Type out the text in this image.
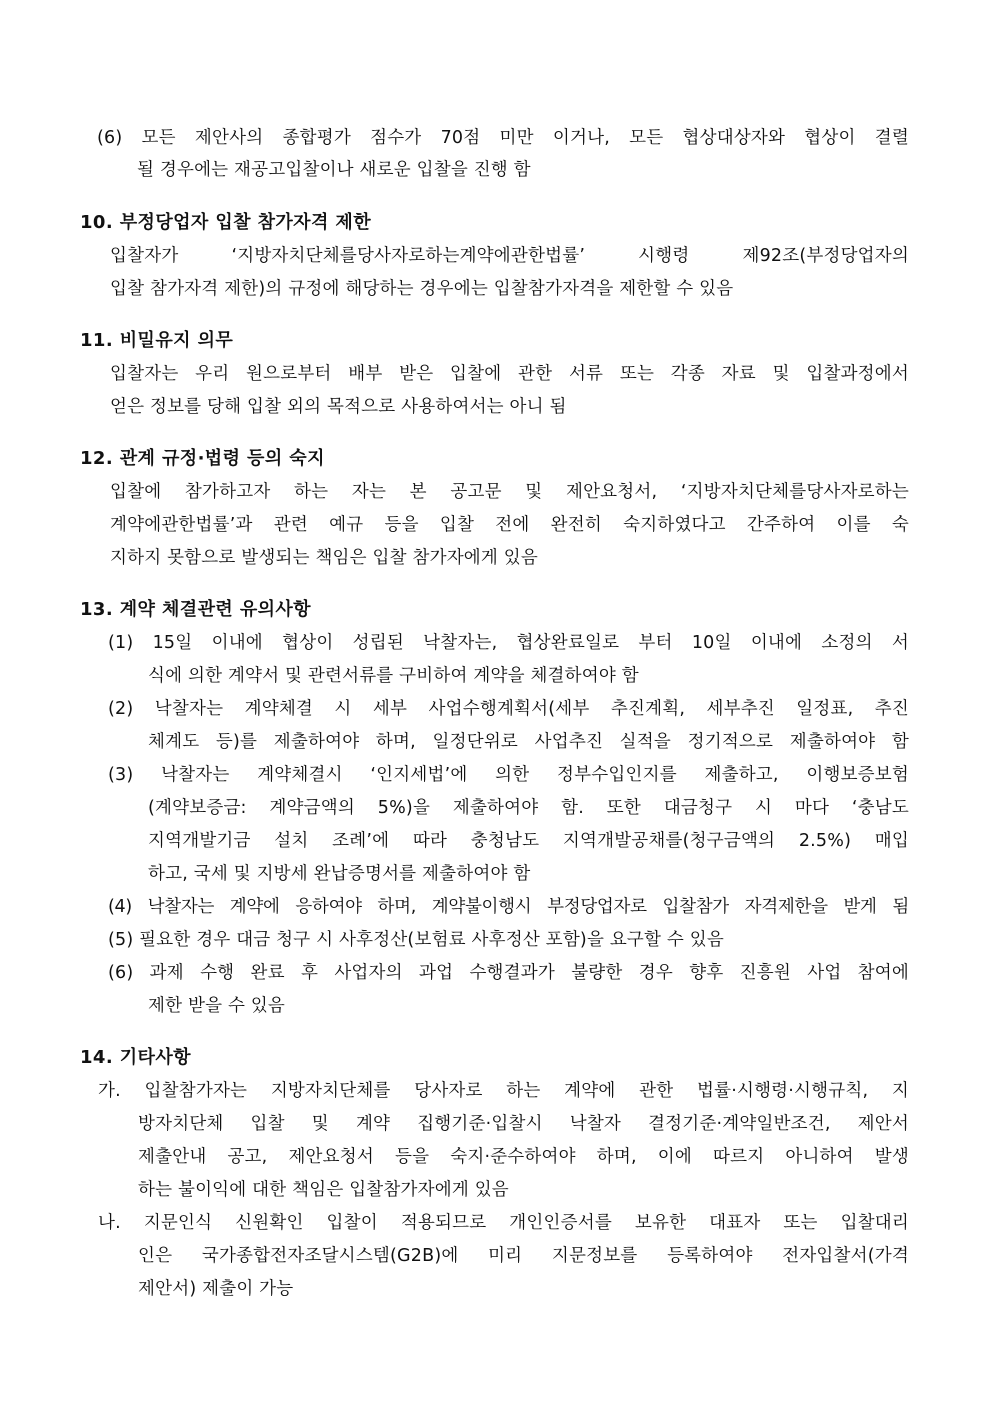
(6) 모든 제안사의 종합평가 점수가 70점 미만 이거나, 모든 협상대상자와 협상이 결렬
될 경우에는 재공고입찰이나 새로운 입찰을 진행 함
10. 부정당업자 입찰 참가자격 제한
입찰자가 ‘지방자치단체를당사자로하는계약에관한법률’ 시행령 제92조(부정당업자의
입찰 참가자격 제한)의 규정에 해당하는 경우에는 입찰참가자격을 제한할 수 있음
11. 비밀유지 의무
입찰자는 우리 원으로부터 배부 받은 입찰에 관한 서류 또는 각종 자료 및 입찰과정에서
얻은 정보를 당해 입찰 외의 목적으로 사용하여서는 아니 됨
12. 관계 규정·법령 등의 숙지
입찰에 참가하고자 하는 자는 본 공고문 및 제안요청서, ‘지방자치단체를당사자로하는
계약에관한법률’과 관련 예규 등을 입찰 전에 완전히 숙지하였다고 간주하여 이를 숙
지하지 못함으로 발생되는 책임은 입찰 참가자에게 있음
13. 계약 체결관련 유의사항
(1) 15일 이내에 협상이 성립된 낙찰자는, 협상완료일로 부터 10일 이내에 소정의 서
식에 의한 계약서 및 관련서류를 구비하여 계약을 체결하여야 함
(2) 낙찰자는 계약체결 시 세부 사업수행계획서(세부 추진계획, 세부추진 일정표, 추진
체계도 등)를 제출하여야 하며, 일정단위로 사업추진 실적을 정기적으로 제출하여야 함
(3) 낙찰자는 계약체결시 ‘인지세법’에 의한 정부수입인지를 제출하고, 이행보증보험
(계약보증금: 계약금액의 5%)을 제출하여야 함. 또한 대금청구 시 마다 ‘충남도
지역개발기금 설치 조례’에 따라 충청남도 지역개발공채를(청구금액의 2.5%) 매입
하고, 국세 및 지방세 완납증명서를 제출하여야 함
(4) 낙찰자는 계약에 응하여야 하며, 계약불이행시 부정당업자로 입찰참가 자격제한을 받게 됨
(5) 필요한 경우 대금 청구 시 사후정산(보험료 사후정산 포함)을 요구할 수 있음
(6) 과제 수행 완료 후 사업자의 과업 수행결과가 불량한 경우 향후 진흥원 사업 참여에
제한 받을 수 있음
14. 기타사항
가. 입찰참가자는 지방자치단체를 당사자로 하는 계약에 관한 법률·시행령·시행규칙, 지
방자치단체 입찰 및 계약 집행기준·입찰시 낙찰자 결정기준·계약일반조건, 제안서
제출안내 공고, 제안요청서 등을 숙지·준수하여야 하며, 이에 따르지 아니하여 발생
하는 불이익에 대한 책임은 입찰참가자에게 있음
나. 지문인식 신원확인 입찰이 적용되므로 개인인증서를 보유한 대표자 또는 입찰대리
인은 국가종합전자조달시스템(G2B)에 미리 지문정보를 등록하여야 전자입찰서(가격
제안서) 제출이 가능
